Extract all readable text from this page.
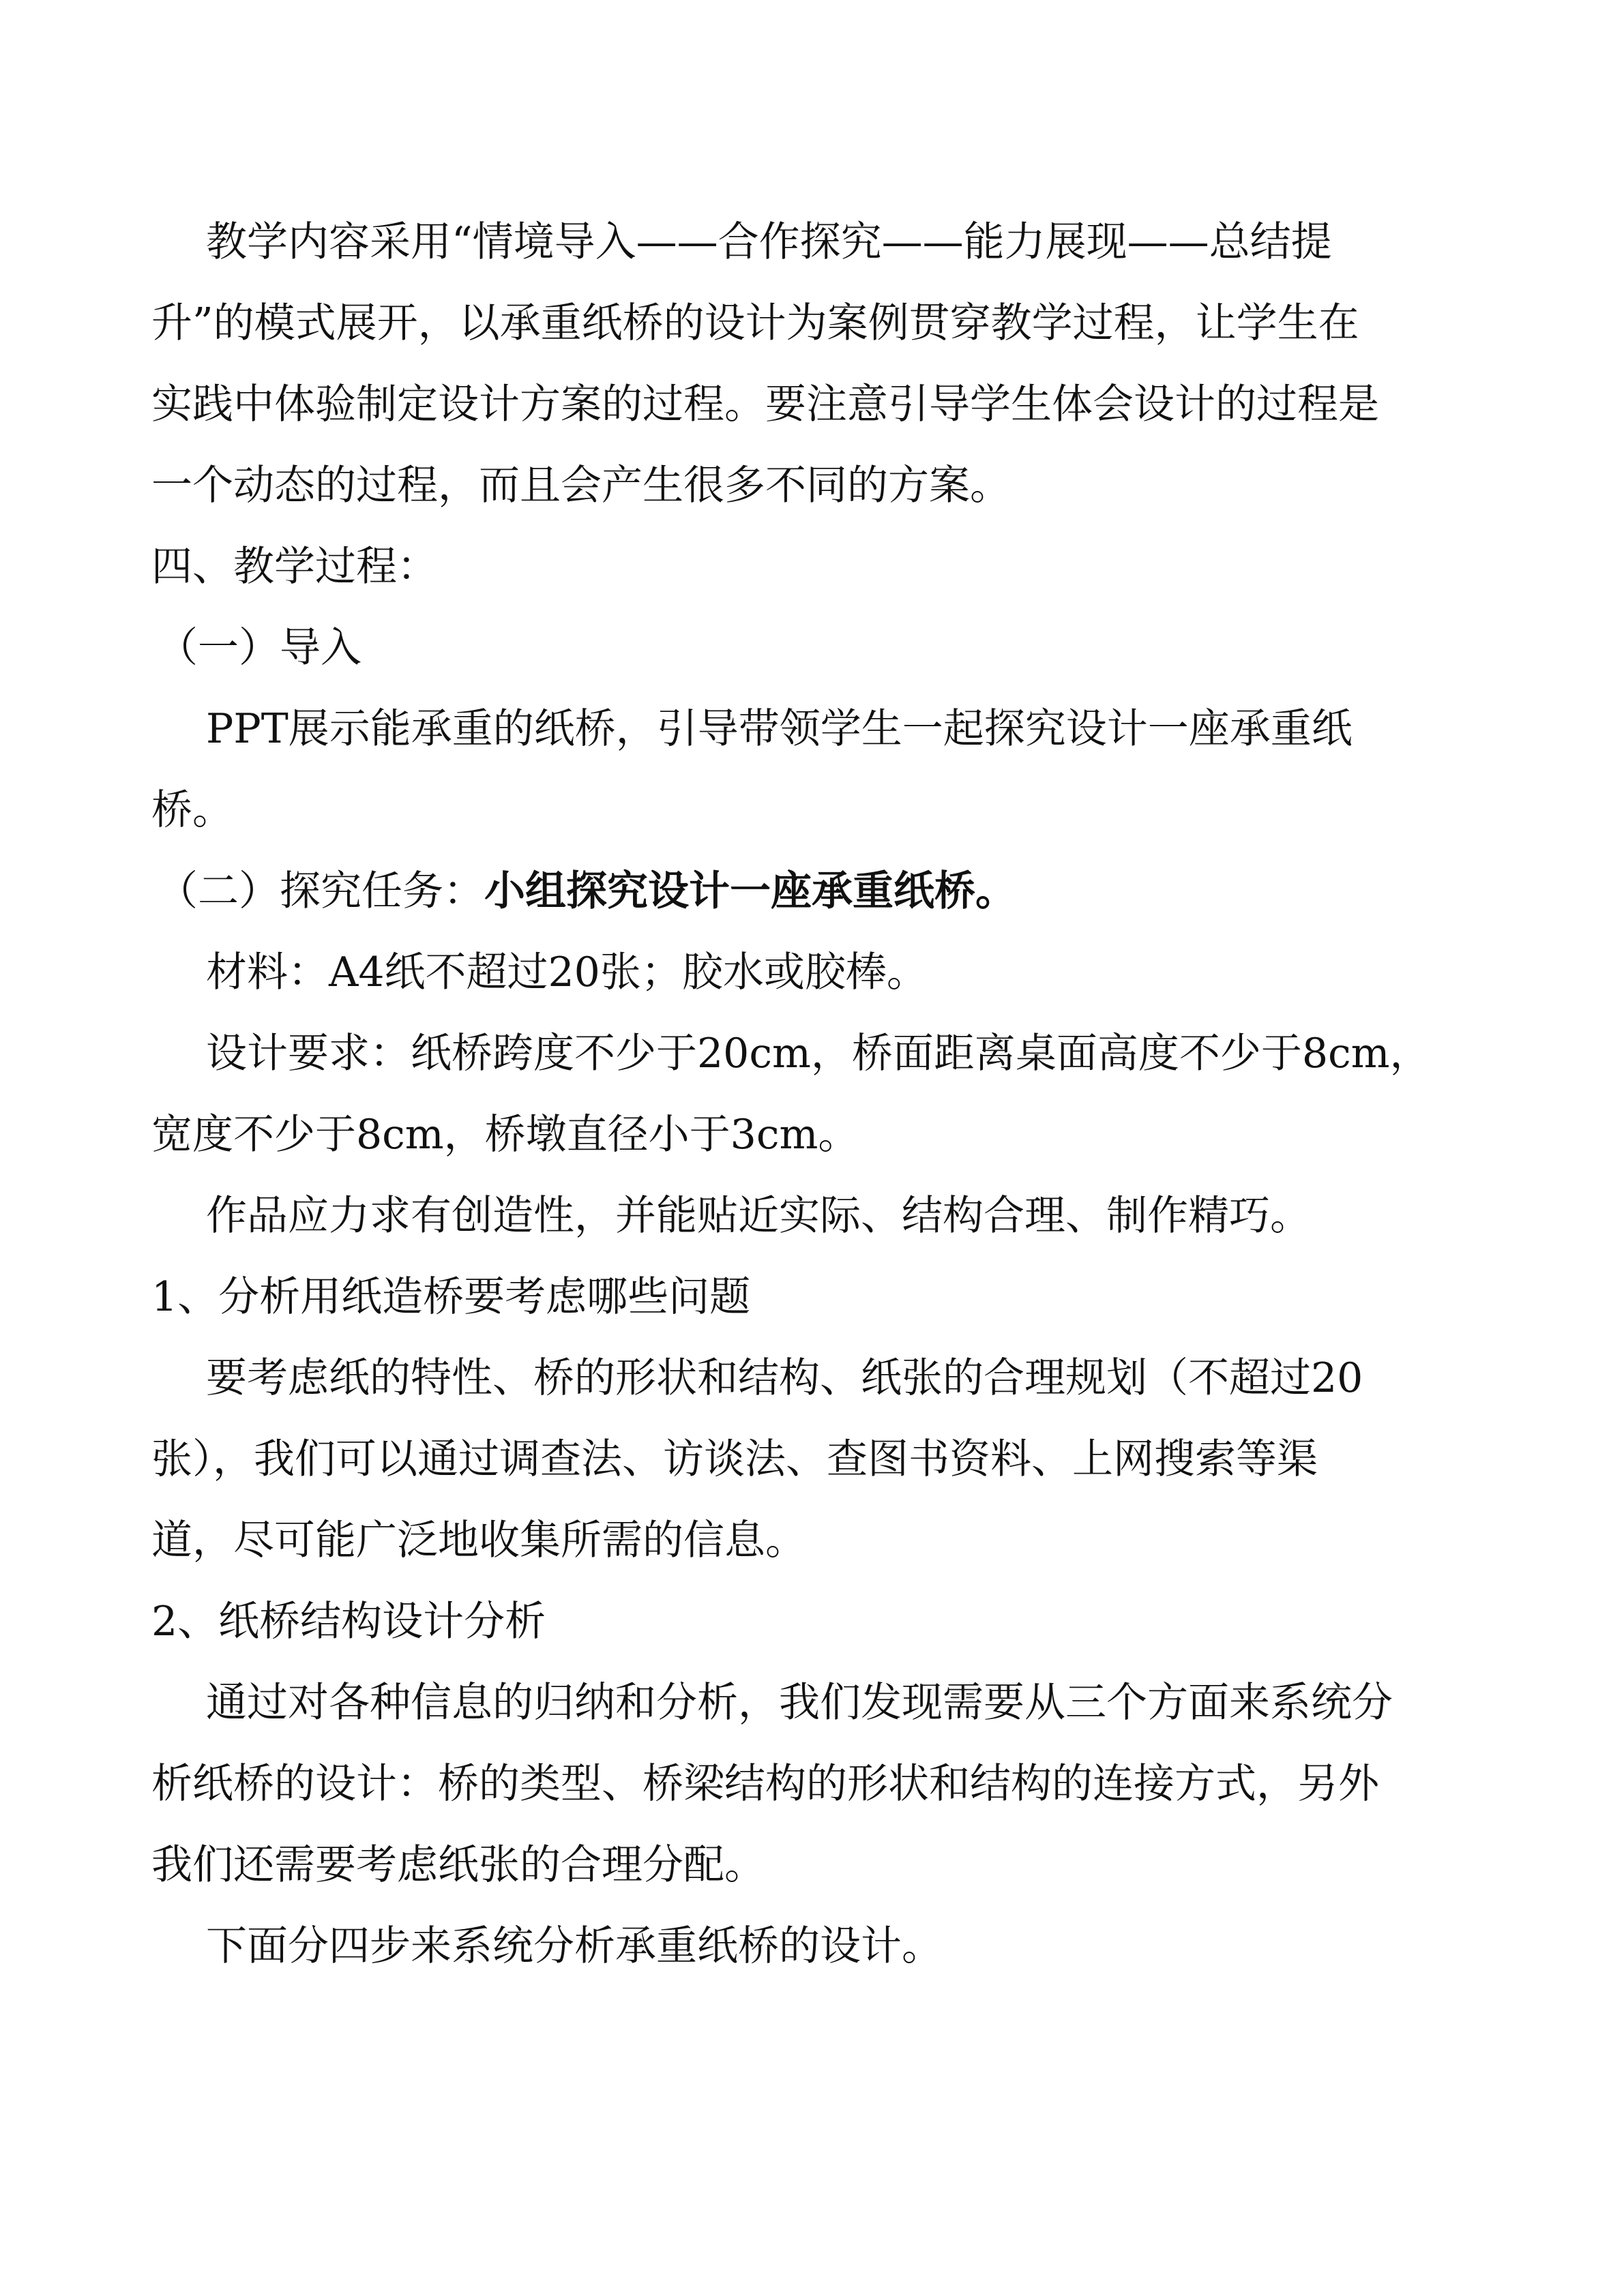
教学内容采用“情境导入——合作探究——能力展现——总结提
升”的模式展开，以承重纸桥的设计为案例贯穿教学过程，让学生在
实践中体验制定设计方案的过程。要注意引导学生体会设计的过程是
一个动态的过程，而且会产生很多不同的方案。
四、教学过程：
（一）导入
PPT展示能承重的纸桥，引导带领学生一起探究设计一座承重纸
桥。
（二）探究任务：小组探究设计一座承重纸桥。
材料：A4纸不超过20张；胶水或胶棒。
设计要求：纸桥跨度不少于20cm，桥面距离桌面高度不少于8cm，
宽度不少于8cm，桥墩直径小于3cm。
作品应力求有创造性，并能贴近实际、结构合理、制作精巧。
1、分析用纸造桥要考虑哪些问题
要考虑纸的特性、桥的形状和结构、纸张的合理规划（不超过20
张），我们可以通过调查法、访谈法、查图书资料、上网搜索等渠
道，尽可能广泛地收集所需的信息。
2、纸桥结构设计分析
通过对各种信息的归纳和分析，我们发现需要从三个方面来系统分
析纸桥的设计：桥的类型、桥梁结构的形状和结构的连接方式，另外
我们还需要考虑纸张的合理分配。
下面分四步来系统分析承重纸桥的设计。
